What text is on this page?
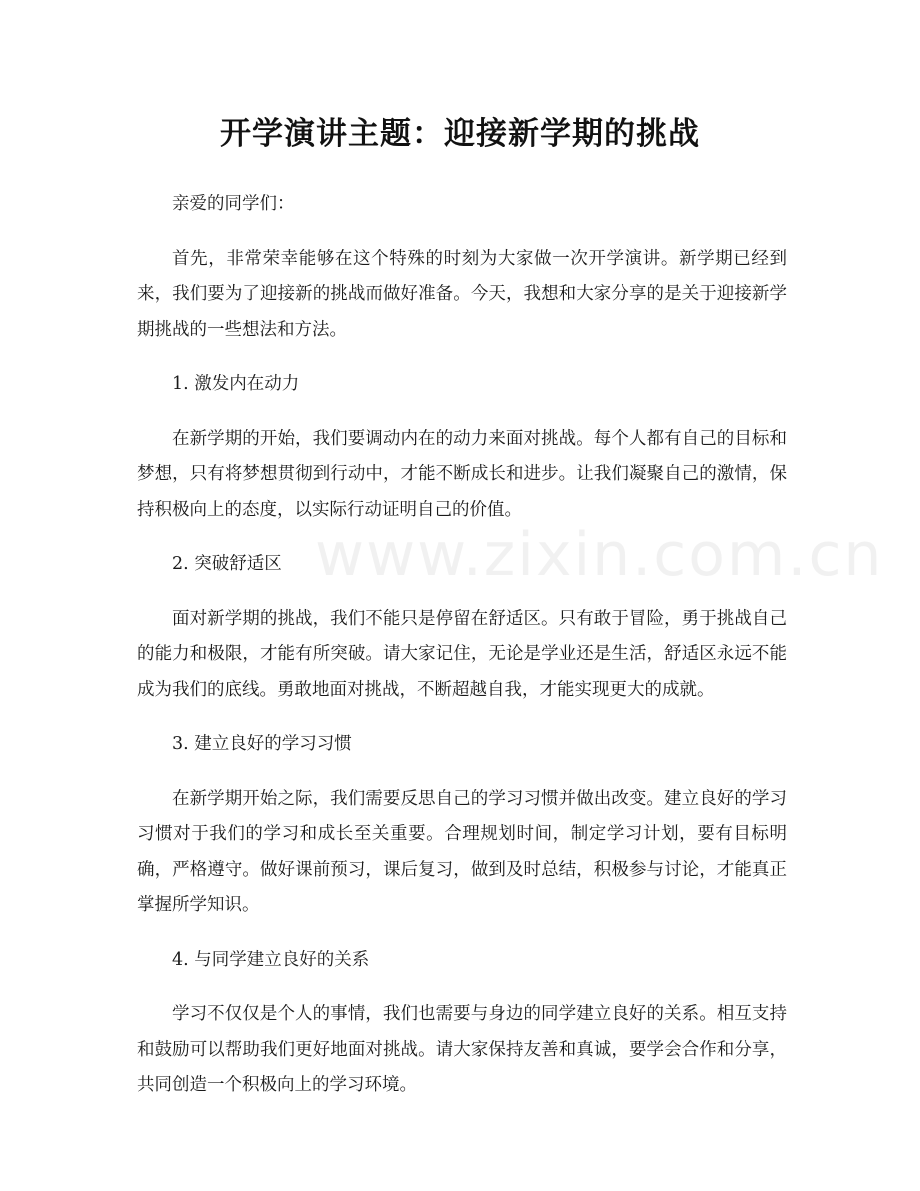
www.zixin.com.cn
开学演讲主题：迎接新学期的挑战

亲爱的同学们：

首先，非常荣幸能够在这个特殊的时刻为大家做一次开学演讲。新学期已经到来，我们要为了迎接新的挑战而做好准备。今天，我想和大家分享的是关于迎接新学期挑战的一些想法和方法。

1. 激发内在动力

在新学期的开始，我们要调动内在的动力来面对挑战。每个人都有自己的目标和梦想，只有将梦想贯彻到行动中，才能不断成长和进步。让我们凝聚自己的激情，保持积极向上的态度，以实际行动证明自己的价值。

2. 突破舒适区

面对新学期的挑战，我们不能只是停留在舒适区。只有敢于冒险，勇于挑战自己的能力和极限，才能有所突破。请大家记住，无论是学业还是生活，舒适区永远不能成为我们的底线。勇敢地面对挑战，不断超越自我，才能实现更大的成就。

3. 建立良好的学习习惯

在新学期开始之际，我们需要反思自己的学习习惯并做出改变。建立良好的学习习惯对于我们的学习和成长至关重要。合理规划时间，制定学习计划，要有目标明确，严格遵守。做好课前预习，课后复习，做到及时总结，积极参与讨论，才能真正掌握所学知识。

4. 与同学建立良好的关系

学习不仅仅是个人的事情，我们也需要与身边的同学建立良好的关系。相互支持和鼓励可以帮助我们更好地面对挑战。请大家保持友善和真诚，要学会合作和分享，共同创造一个积极向上的学习环境。
